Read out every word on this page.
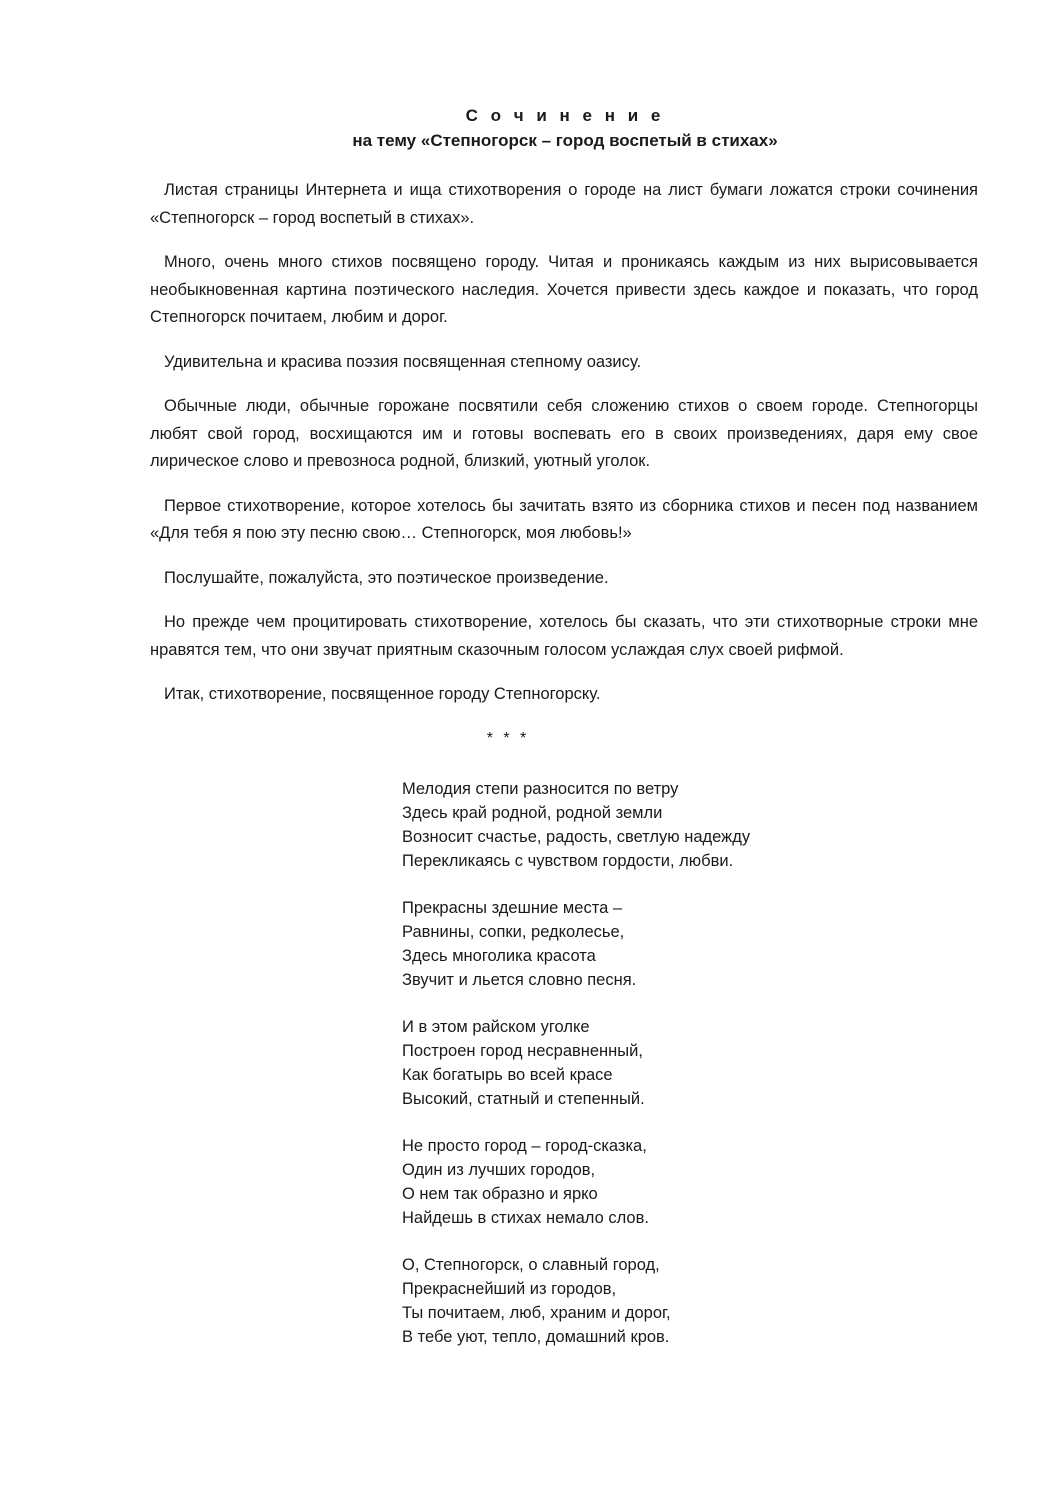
С о ч и н е н и е
на тему «Степногорск – город воспетый в стихах»

Листая страницы Интернета и ища стихотворения о городе на лист бумаги ложатся строки сочинения «Степногорск – город воспетый в стихах».

Много, очень много стихов посвящено городу. Читая и проникаясь каждым из них вырисовывается необыкновенная картина поэтического наследия. Хочется привести здесь каждое и показать, что город Степногорск почитаем, любим и дорог.

Удивительна и красива поэзия посвященная степному оазису.

Обычные люди, обычные горожане посвятили себя сложению стихов о своем городе. Степногорцы любят свой город, восхищаются им и готовы воспевать его в своих произведениях, даря ему свое лирическое слово и превозноса родной, близкий, уютный уголок.

Первое стихотворение, которое хотелось бы зачитать взято из сборника стихов и песен под названием «Для тебя я пою эту песню свою… Степногорск, моя любовь!»

Послушайте, пожалуйста, это поэтическое произведение.

Но прежде чем процитировать стихотворение, хотелось бы сказать, что эти стихотворные строки мне нравятся тем, что они звучат приятным сказочным голосом услаждая слух своей рифмой.

Итак, стихотворение, посвященное городу Степногорску.

* * *
Мелодия степи разносится по ветру
Здесь край родной, родной земли
Возносит счастье, радость, светлую надежду
Перекликаясь с чувством гордости, любви.
Прекрасны здешние места –
Равнины, сопки, редколесье,
Здесь многолика красота
Звучит и льется словно песня.
И в этом райском уголке
Построен город несравненный,
Как богатырь во всей красе
Высокий, статный и степенный.
Не просто город – город-сказка,
Один из лучших городов,
О нем так образно и ярко
Найдешь в стихах немало слов.
О, Степногорск, о славный город,
Прекраснейший из городов,
Ты почитаем, люб, храним и дорог,
В тебе уют, тепло, домашний кров.
